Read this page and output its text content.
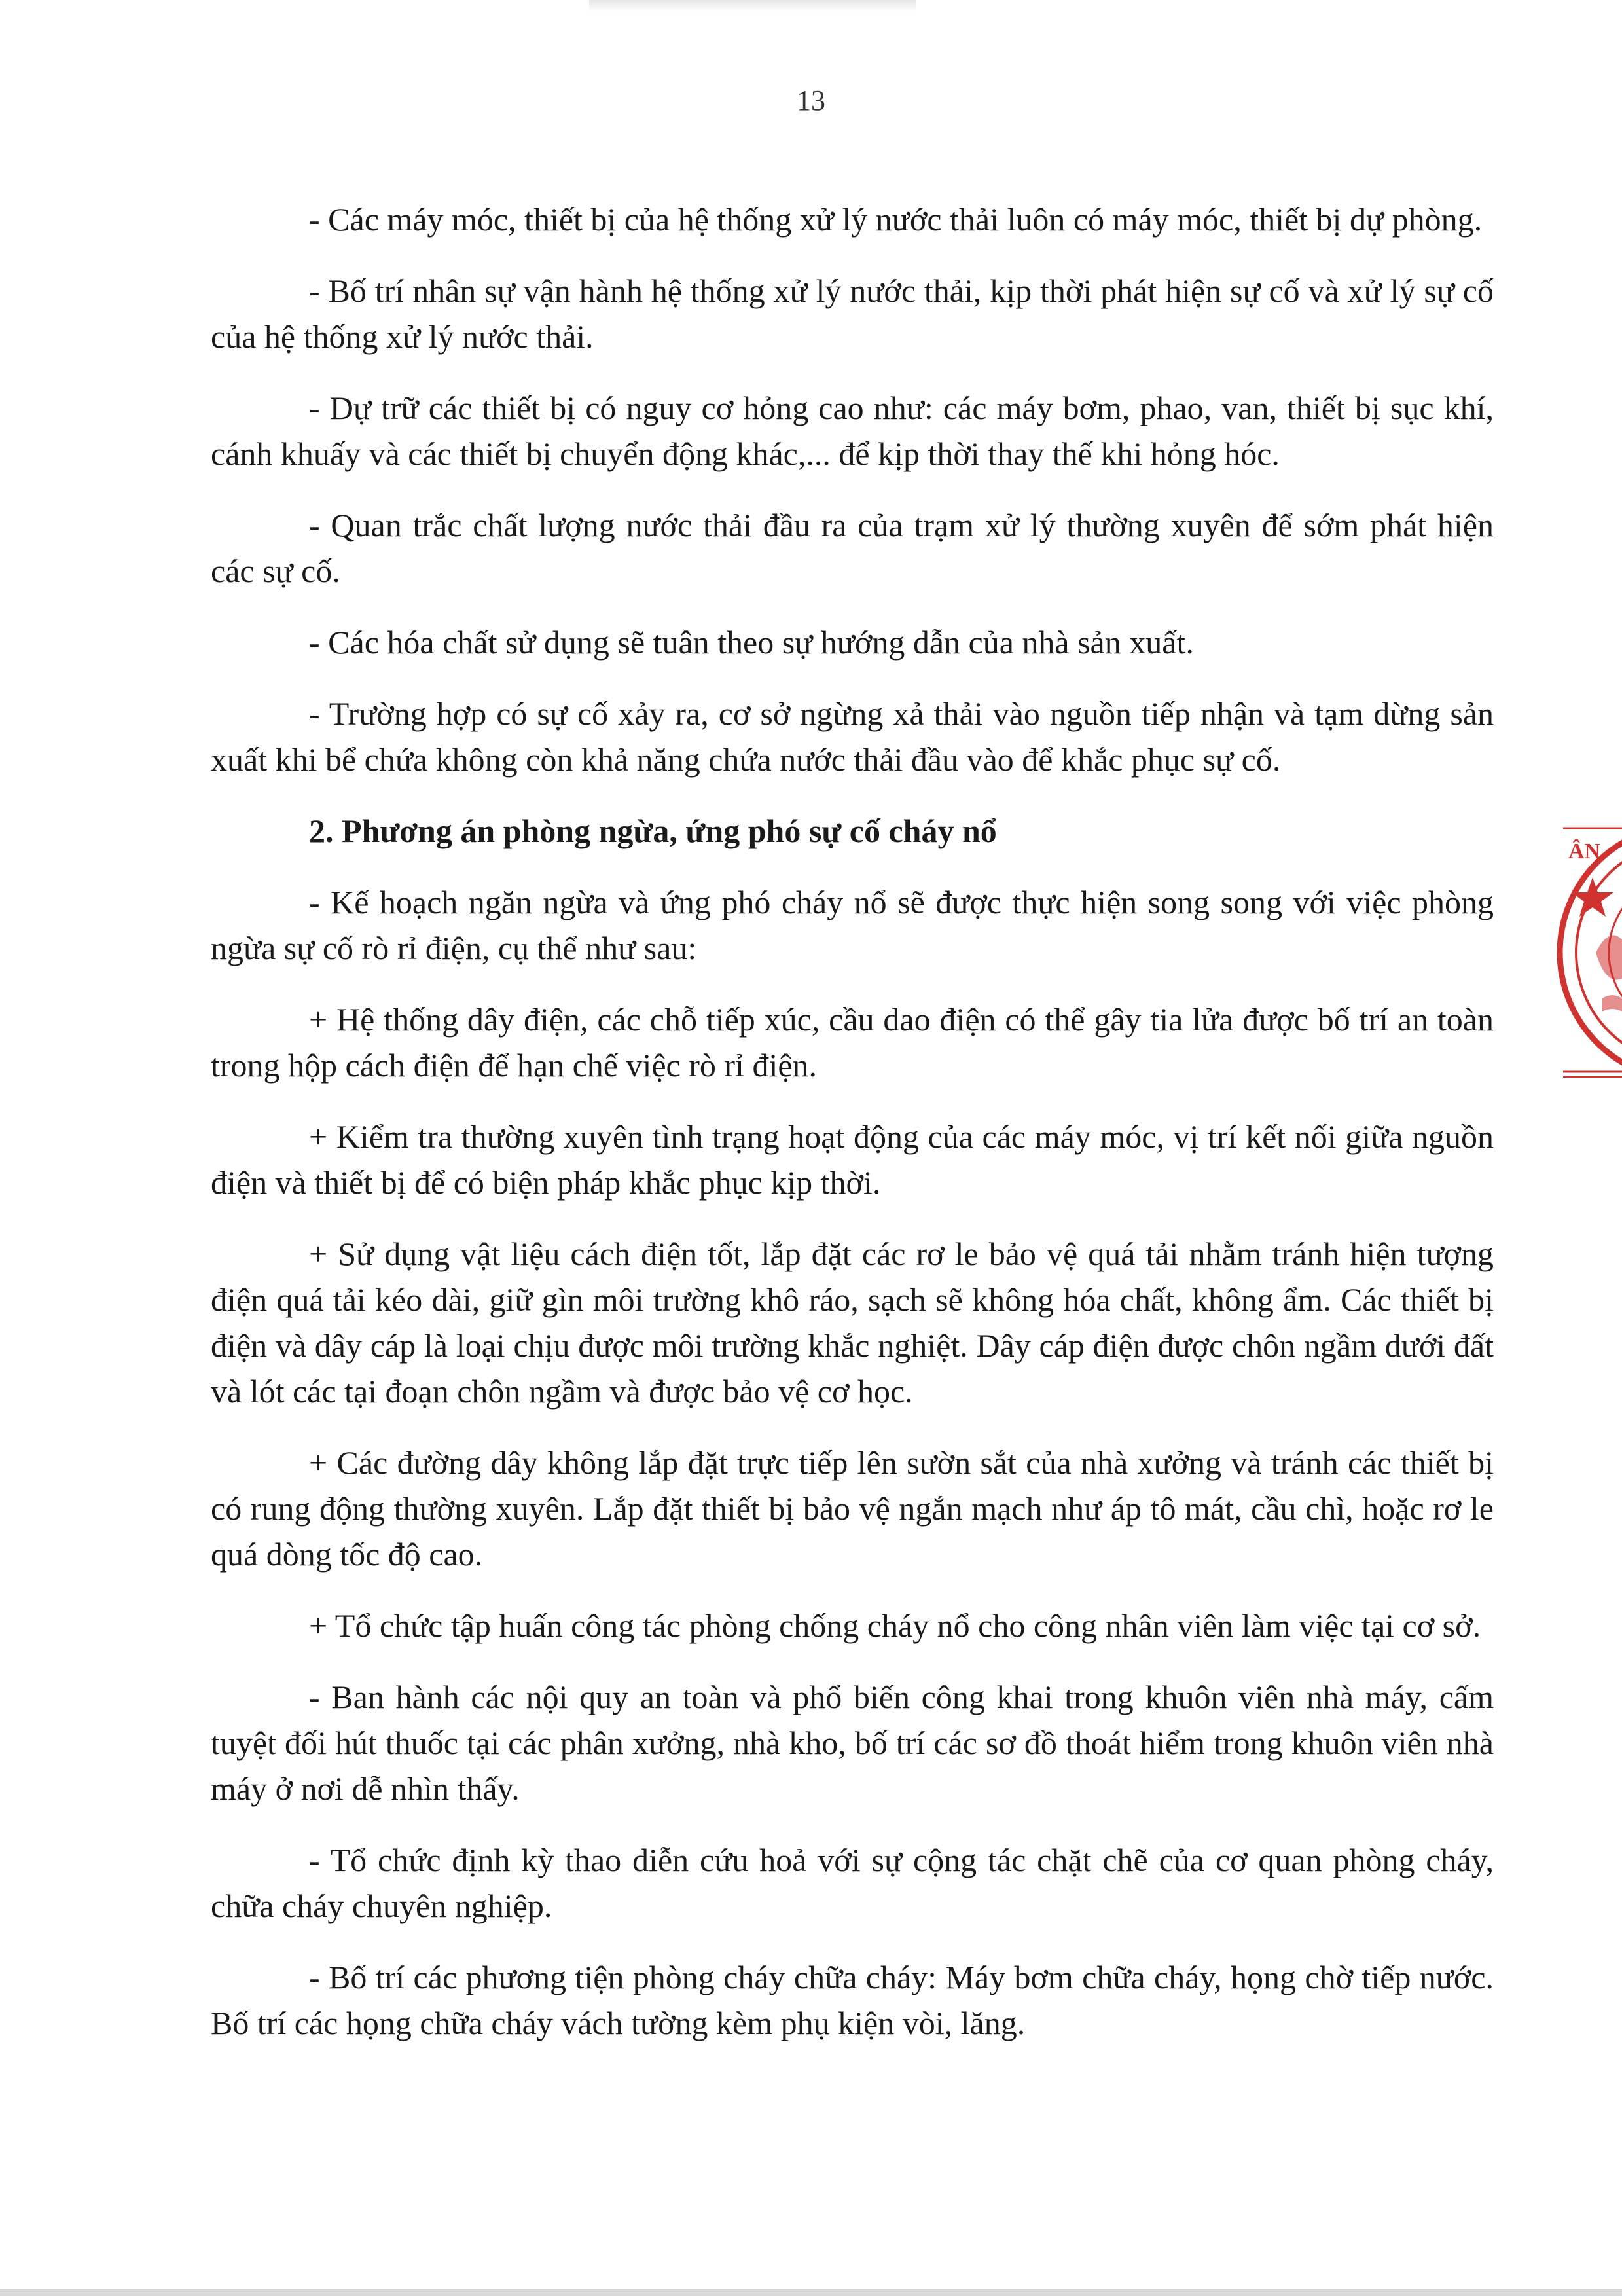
13

- Các máy móc, thiết bị của hệ thống xử lý nước thải luôn có máy móc, thiết bị dự phòng.

- Bố trí nhân sự vận hành hệ thống xử lý nước thải, kịp thời phát hiện sự cố và xử lý sự cố của hệ thống xử lý nước thải.

- Dự trữ các thiết bị có nguy cơ hỏng cao như: các máy bơm, phao, van, thiết bị sục khí, cánh khuấy và các thiết bị chuyển động khác,... để kịp thời thay thế khi hỏng hóc.

- Quan trắc chất lượng nước thải đầu ra của trạm xử lý thường xuyên để sớm phát hiện các sự cố.

- Các hóa chất sử dụng sẽ tuân theo sự hướng dẫn của nhà sản xuất.

- Trường hợp có sự cố xảy ra, cơ sở ngừng xả thải vào nguồn tiếp nhận và tạm dừng sản xuất khi bể chứa không còn khả năng chứa nước thải đầu vào để khắc phục sự cố.

2. Phương án phòng ngừa, ứng phó sự cố cháy nổ

- Kế hoạch ngăn ngừa và ứng phó cháy nổ sẽ được thực hiện song song với việc phòng ngừa sự cố rò rỉ điện, cụ thể như sau:

+ Hệ thống dây điện, các chỗ tiếp xúc, cầu dao điện có thể gây tia lửa được bố trí an toàn trong hộp cách điện để hạn chế việc rò rỉ điện.

+ Kiểm tra thường xuyên tình trạng hoạt động của các máy móc, vị trí kết nối giữa nguồn điện và thiết bị để có biện pháp khắc phục kịp thời.

+ Sử dụng vật liệu cách điện tốt, lắp đặt các rơ le bảo vệ quá tải nhằm tránh hiện tượng điện quá tải kéo dài, giữ gìn môi trường khô ráo, sạch sẽ không hóa chất, không ẩm. Các thiết bị điện và dây cáp là loại chịu được môi trường khắc nghiệt. Dây cáp điện được chôn ngầm dưới đất và lót các tại đoạn chôn ngầm và được bảo vệ cơ học.

+ Các đường dây không lắp đặt trực tiếp lên sườn sắt của nhà xưởng và tránh các thiết bị có rung động thường xuyên. Lắp đặt thiết bị bảo vệ ngắn mạch như áp tô mát, cầu chì, hoặc rơ le quá dòng tốc độ cao.

+ Tổ chức tập huấn công tác phòng chống cháy nổ cho công nhân viên làm việc tại cơ sở.

- Ban hành các nội quy an toàn và phổ biến công khai trong khuôn viên nhà máy, cấm tuyệt đối hút thuốc tại các phân xưởng, nhà kho, bố trí các sơ đồ thoát hiểm trong khuôn viên nhà máy ở nơi dễ nhìn thấy.

- Tổ chức định kỳ thao diễn cứu hoả với sự cộng tác chặt chẽ của cơ quan phòng cháy, chữa cháy chuyên nghiệp.

- Bố trí các phương tiện phòng cháy chữa cháy: Máy bơm chữa cháy, họng chờ tiếp nước. Bố trí các họng chữa cháy vách tường kèm phụ kiện vòi, lăng.

ÂN
